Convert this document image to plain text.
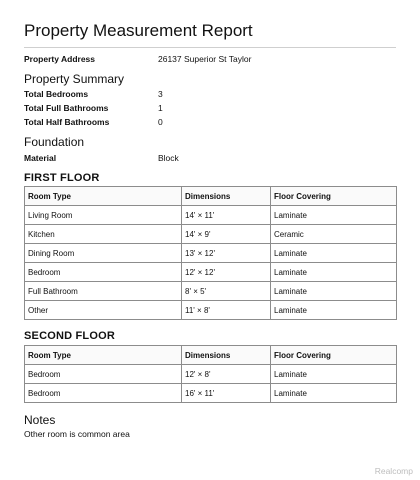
Property Measurement Report
Property Address	26137 Superior St Taylor
Property Summary
Total Bedrooms	3
Total Full Bathrooms	1
Total Half Bathrooms	0
Foundation
Material	Block
FIRST FLOOR
Room Type	Dimensions	Floor Covering
Living Room	14' × 11'	Laminate
Kitchen	14' × 9'	Ceramic
Dining Room	13' × 12'	Laminate
Bedroom	12' × 12'	Laminate
Full Bathroom	8' × 5'	Laminate
Other	11' × 8'	Laminate
SECOND FLOOR
Room Type	Dimensions	Floor Covering
Bedroom	12' × 8'	Laminate
Bedroom	16' × 11'	Laminate
Notes
Other room is common area
Realcomp
